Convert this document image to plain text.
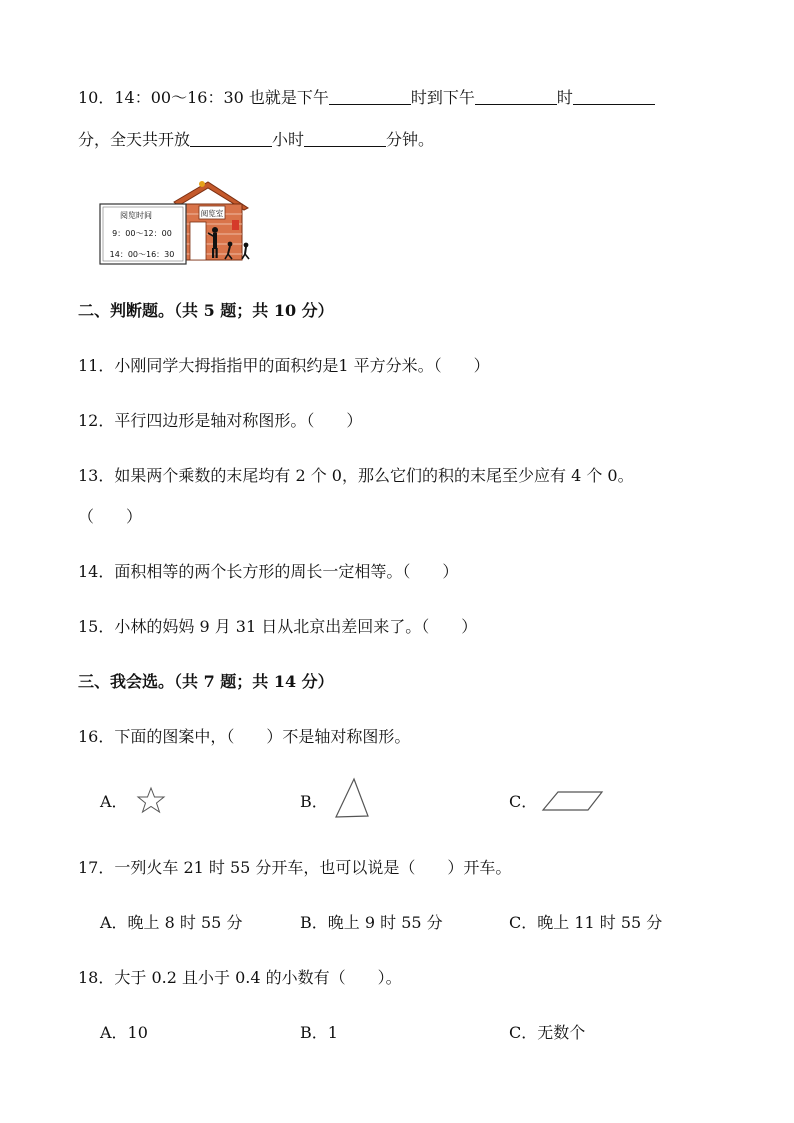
10．14：00～16：30 也就是下午	时到下午	时
分，全天共开放	小时	分钟。
阅览室
阅览时间
9：00～12：00
14：00～16：30
二、判断题。（共 5 题；共 10 分）
11．小刚同学大拇指指甲的面积约是1 平方分米。（　　）
12．平行四边形是轴对称图形。（　　）
13．如果两个乘数的末尾均有 2 个 0，那么它们的积的末尾至少应有 4 个 0。
（　　）
14．面积相等的两个长方形的周长一定相等。（　　）
15．小林的妈妈 9 月 31 日从北京出差回来了。（　　）
三、我会选。（共 7 题；共 14 分）
16．下面的图案中，（　　）不是轴对称图形。
A．	B．	C．
17．一列火车 21 时 55 分开车，也可以说是（　　）开车。
A．晚上 8 时 55 分	B．晚上 9 时 55 分	C．晚上 11 时 55 分
18．大于 0.2 且小于 0.4 的小数有（　　）。
A．10	B．1	C．无数个
